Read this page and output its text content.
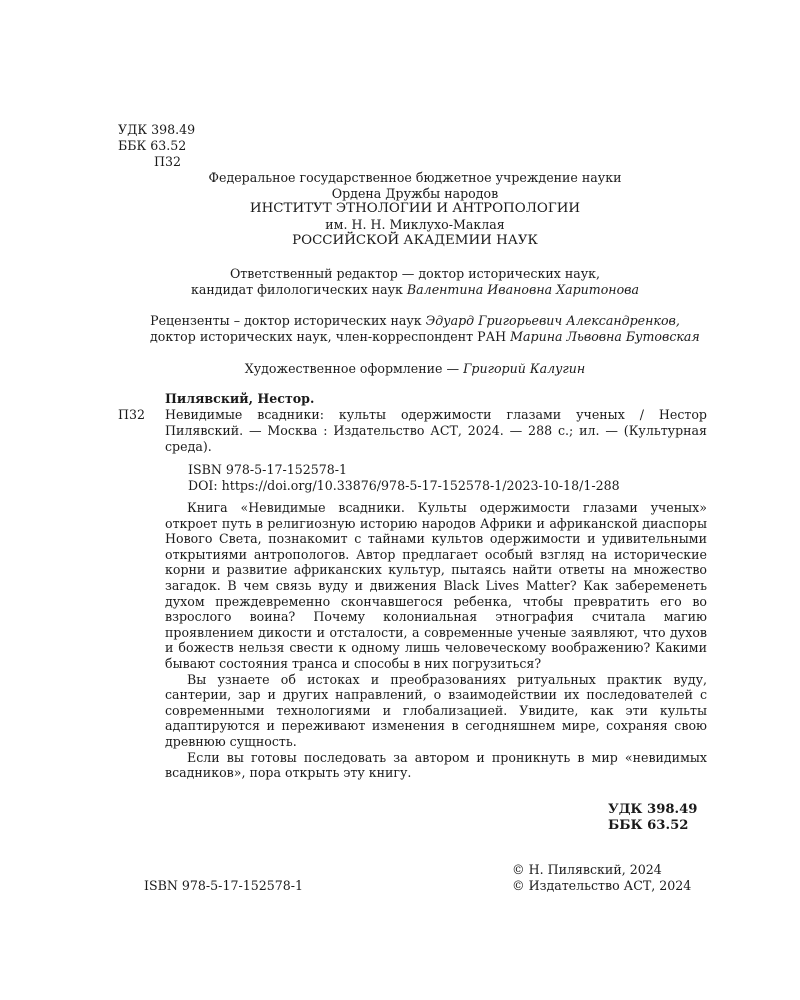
УДК 398.49
ББК 63.52
П32
Федеральное государственное бюджетное учреждение науки
Ордена Дружбы народов
ИНСТИТУТ ЭТНОЛОГИИ И АНТРОПОЛОГИИ
им. Н. Н. Миклухо-Маклая
РОССИЙСКОЙ АКАДЕМИИ НАУК
Ответственный редактор — доктор исторических наук,
кандидат филологических наук Валентина Ивановна Харитонова
Рецензенты – доктор исторических наук Эдуард Григорьевич Александренков,
доктор исторических наук, член-корреспондент РАН Марина Львовна Бутовская
Художественное оформление — Григорий Калугин
Пилявский, Нестор.
П32 Невидимые всадники: культы одержимости глазами ученых / Нестор
Пилявский. — Москва : Издательство АСТ, 2024. — 288 с.; ил. — (Культурная
среда).
ISBN 978-5-17-152578-1
DOI: https://doi.org/10.33876/978-5-17-152578-1/2023-10-18/1-288

Книга «Невидимые всадники. Культы одержимости глазами ученых» откроет путь в религиозную историю народов Африки и африканской диаспоры Нового Света, познакомит с тайнами культов одержимости и удивительными открытиями антропологов. Автор предлагает особый взгляд на исторические корни и развитие африканских культур, пытаясь найти ответы на множество загадок. В чем связь вуду и движения Black Lives Matter? Как забеременеть духом преждевременно скончавшегося ребенка, чтобы превратить его во взрослого воина? Почему колониальная этнография считала магию проявлением дикости и отсталости, а современные ученые заявляют, что духов и божеств нельзя свести к одному лишь человеческому воображению? Какими бывают состояния транса и способы в них погрузиться?

Вы узнаете об истоках и преобразованиях ритуальных практик вуду, сантерии, зар и других направлений, о взаимодействии их последователей с современными технологиями и глобализацией. Увидите, как эти культы адаптируются и переживают изменения в сегодняшнем мире, сохраняя свою древнюю сущность.

Если вы готовы последовать за автором и проникнуть в мир «невидимых всадников», пора открыть эту книгу.

УДК 398.49
ББК 63.52
© Н. Пилявский, 2024
ISBN 978-5-17-152578-1	© Издательство АСТ, 2024
